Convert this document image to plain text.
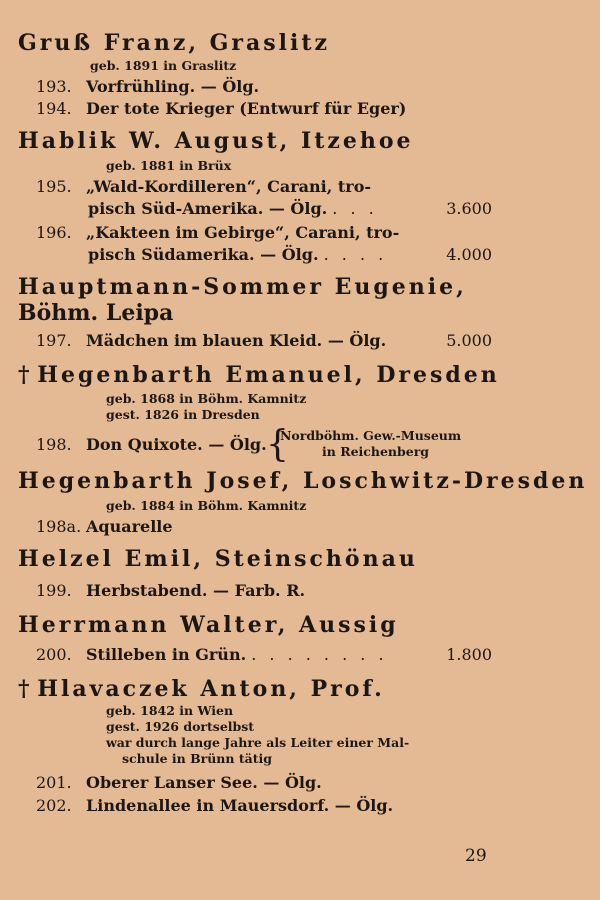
Gruß Franz, Graslitz
geb. 1891 in Graslitz
193. Vorfrühling. — Ölg.
194. Der tote Krieger (Entwurf für Eger)
Hablik W. August, Itzehoe
geb. 1881 in Brüx
195. „Wald-Kordilleren“, Carani, tro-
pisch Süd-Amerika. — Ölg. . . .	3.600
196. „Kakteen im Gebirge“, Carani, tro-
pisch Südamerika. — Ölg. . . . .	4.000
Hauptmann-Sommer Eugenie,
Böhm. Leipa
197. Mädchen im blauen Kleid. — Ölg.	5.000
† Hegenbarth Emanuel, Dresden
geb. 1868 in Böhm. Kamnitz
gest. 1826 in Dresden
198. Don Quixote. — Ölg. {
Nordböhm. Gew.-Museum
in Reichenberg
Hegenbarth Josef, Loschwitz-Dresden
geb. 1884 in Böhm. Kamnitz
198a. Aquarelle
Helzel Emil, Steinschönau
199. Herbstabend. — Farb. R.
Herrmann Walter, Aussig
200. Stilleben in Grün. . . . . . . . .	1.800
† Hlavaczek Anton, Prof.
geb. 1842 in Wien
gest. 1926 dortselbst
war durch lange Jahre als Leiter einer Mal-
schule in Brünn tätig
201. Oberer Lanser See. — Ölg.
202. Lindenallee in Mauersdorf. — Ölg.
29
